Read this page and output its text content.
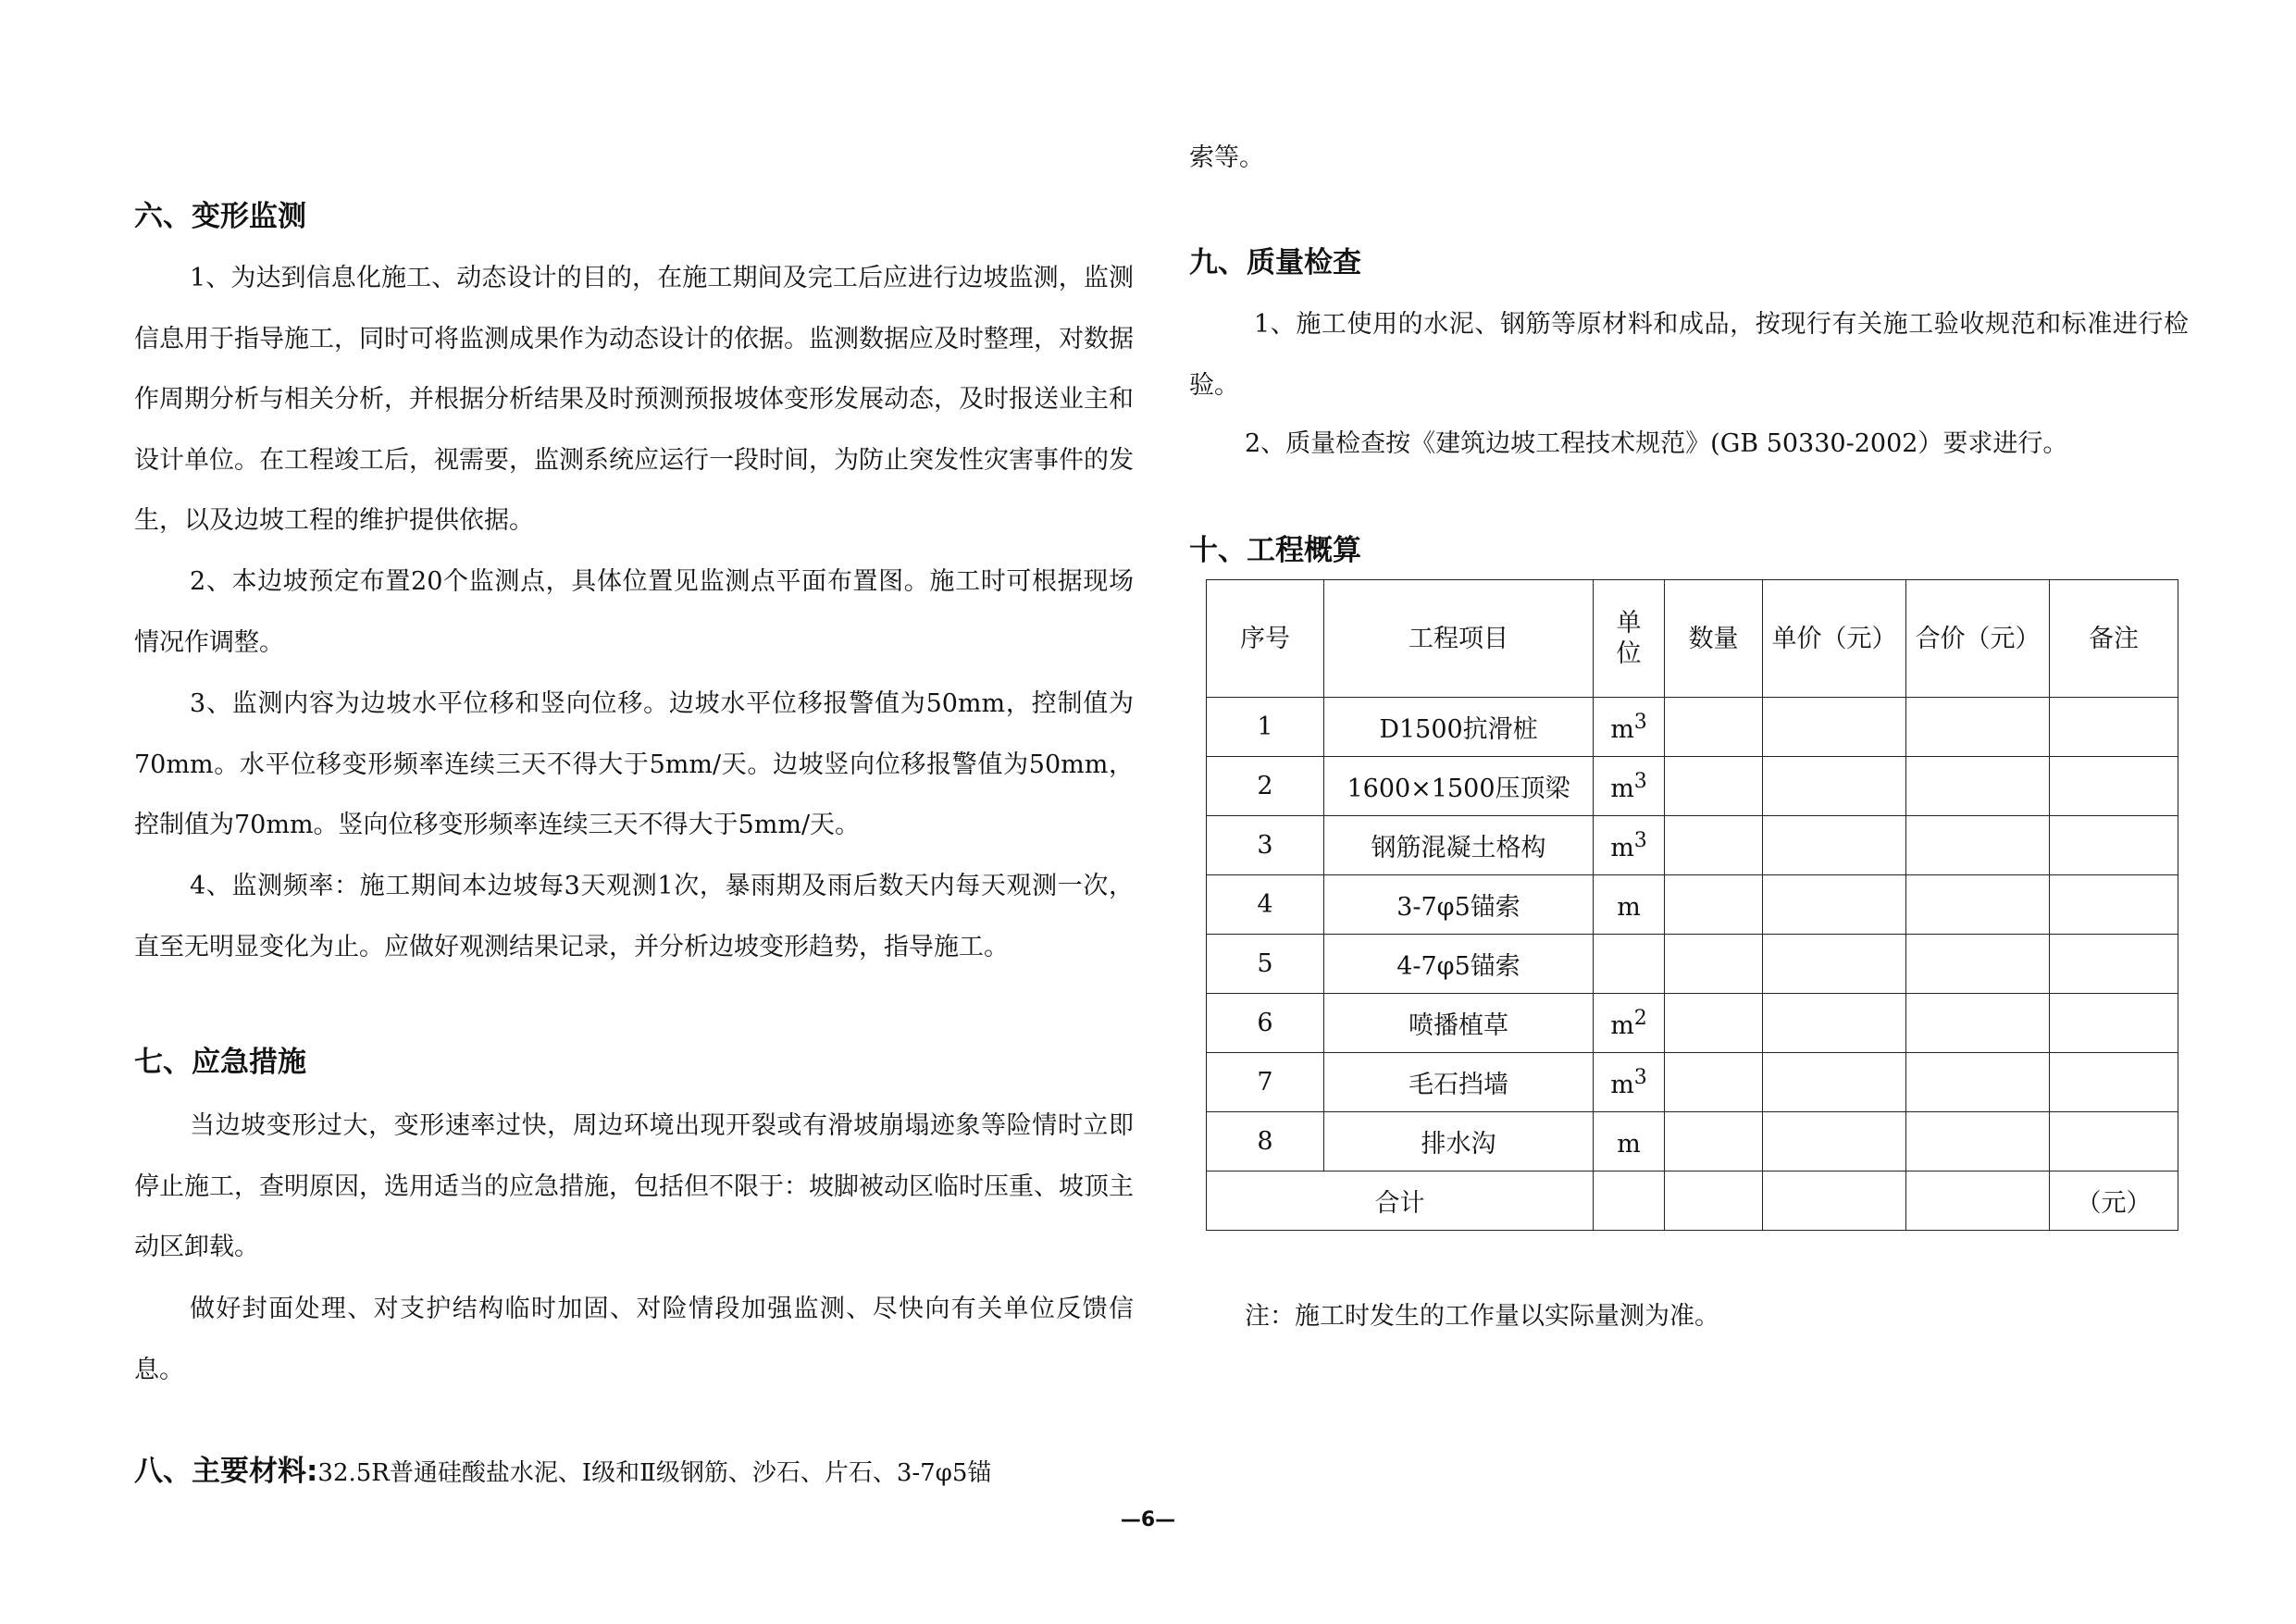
六、变形监测

1、为达到信息化施工、动态设计的目的，在施工期间及完工后应进行边坡监测，监测信息用于指导施工，同时可将监测成果作为动态设计的依据。监测数据应及时整理，对数据作周期分析与相关分析，并根据分析结果及时预测预报坡体变形发展动态，及时报送业主和设计单位。在工程竣工后，视需要，监测系统应运行一段时间，为防止突发性灾害事件的发生，以及边坡工程的维护提供依据。

2、本边坡预定布置20个监测点，具体位置见监测点平面布置图。施工时可根据现场情况作调整。

3、监测内容为边坡水平位移和竖向位移。边坡水平位移报警值为50mm，控制值为70mm。水平位移变形频率连续三天不得大于5mm/天。边坡竖向位移报警值为50mm，控制值为70mm。竖向位移变形频率连续三天不得大于5mm/天。

4、监测频率：施工期间本边坡每3天观测1次，暴雨期及雨后数天内每天观测一次，直至无明显变化为止。应做好观测结果记录，并分析边坡变形趋势，指导施工。

七、应急措施

当边坡变形过大，变形速率过快，周边环境出现开裂或有滑坡崩塌迹象等险情时立即停止施工，查明原因，选用适当的应急措施，包括但不限于：坡脚被动区临时压重、坡顶主动区卸载。

做好封面处理、对支护结构临时加固、对险情段加强监测、尽快向有关单位反馈信息。

八、主要材料:32.5R普通硅酸盐水泥、Ⅰ级和Ⅱ级钢筋、沙石、片石、3-7φ5锚

索等。

九、质量检查

1、施工使用的水泥、钢筋等原材料和成品，按现行有关施工验收规范和标准进行检验。

2、质量检查按《建筑边坡工程技术规范》(GB 50330-2002）要求进行。

十、工程概算
序号	工程项目	单位	数量	单价（元）	合价（元）	备注
1	D1500抗滑桩	$m^3$				
2	1600×1500压顶梁	$m^3$				
3	钢筋混凝土格构	$m^3$				
4	3-7φ5锚索	m				
5	4-7φ5锚索					
6	喷播植草	$m^2$				
7	毛石挡墙	$m^3$				
8	排水沟	m				
合计						（元）

注：施工时发生的工作量以实际量测为准。

—6—
